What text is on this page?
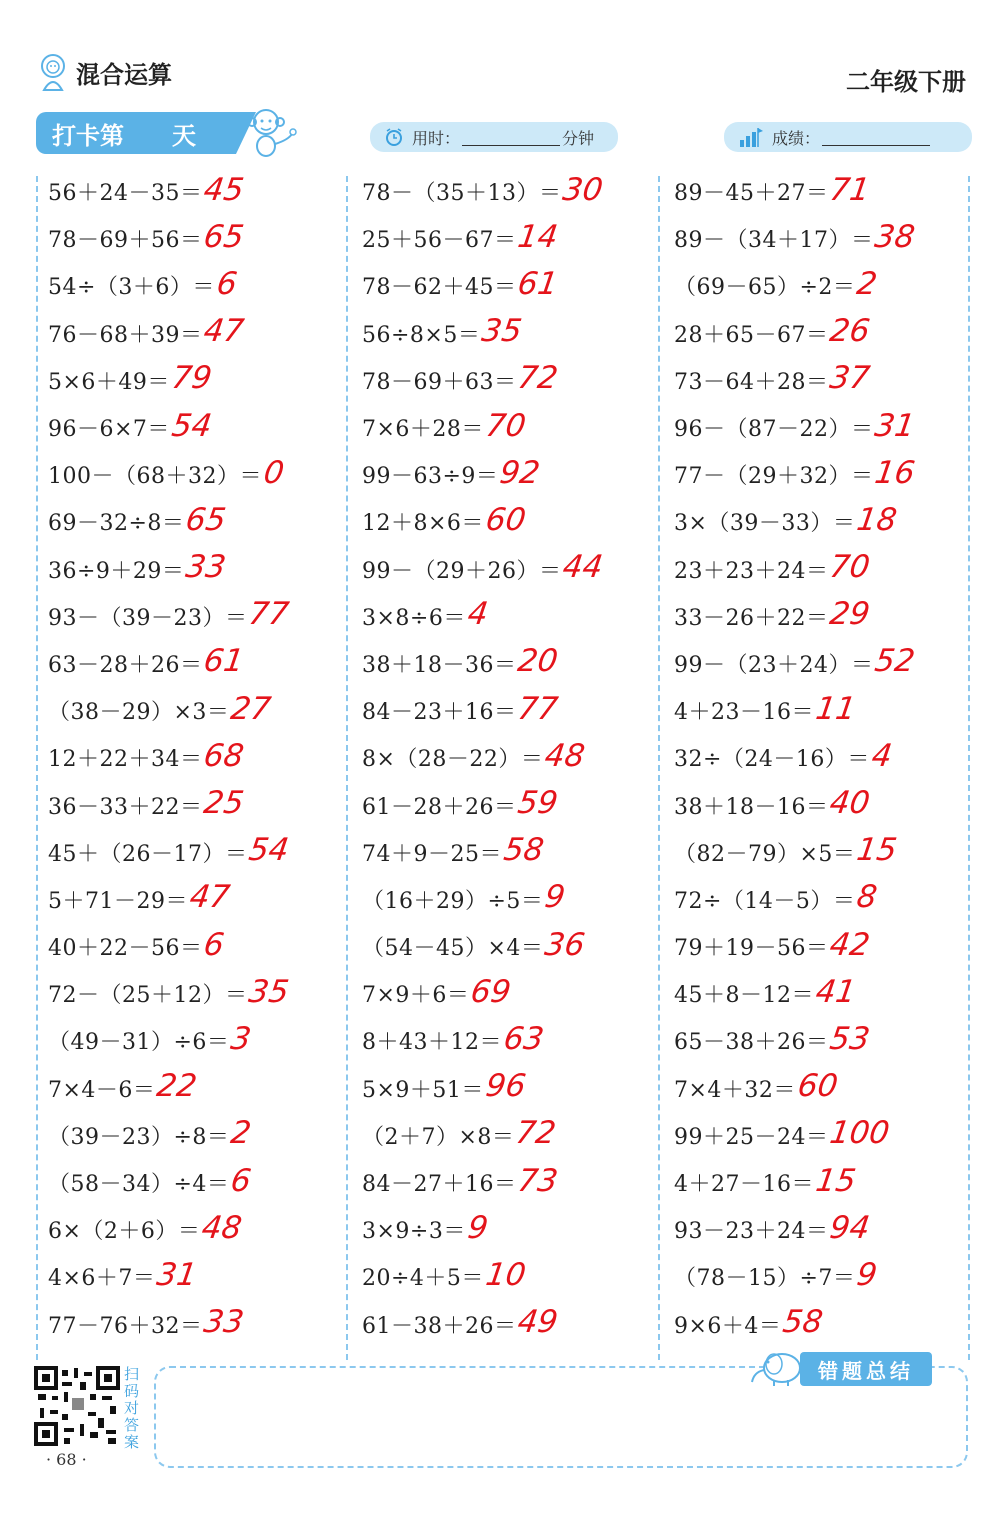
混合运算	二年级下册
打卡第 天	用时：	分钟	成绩：
56＋24－35＝ 45
78－69＋56＝ 65
54÷（3＋6）＝ 6
76－68＋39＝ 47
5×6＋49＝ 79
96－6×7＝ 54
100－（68＋32）＝ 0
69－32÷8＝ 65
36÷9＋29＝ 33
93－（39－23）＝ 77
63－28＋26＝ 61
（38－29）×3＝ 27
12＋22＋34＝ 68
36－33＋22＝ 25
45＋（26－17）＝ 54
5＋71－29＝ 47
40＋22－56＝ 6
72－（25＋12）＝ 35
（49－31）÷6＝ 3
7×4－6＝ 22
（39－23）÷8＝ 2
（58－34）÷4＝ 6
6×（2＋6）＝ 48
4×6＋7＝ 31
77－76＋32＝ 33
78－（35＋13）＝ 30
25＋56－67＝ 14
78－62＋45＝ 61
56÷8×5＝ 35
78－69＋63＝ 72
7×6＋28＝ 70
99－63÷9＝ 92
12＋8×6＝ 60
99－（29＋26）＝ 44
3×8÷6＝ 4
38＋18－36＝ 20
84－23＋16＝ 77
8×（28－22）＝ 48
61－28＋26＝ 59
74＋9－25＝ 58
（16＋29）÷5＝ 9
（54－45）×4＝ 36
7×9＋6＝ 69
8＋43＋12＝ 63
5×9＋51＝ 96
（2＋7）×8＝ 72
84－27＋16＝ 73
3×9÷3＝ 9
20÷4＋5＝ 10
61－38＋26＝ 49
89－45＋27＝ 71
89－（34＋17）＝ 38
（69－65）÷2＝ 2
28＋65－67＝ 26
73－64＋28＝ 37
96－（87－22）＝ 31
77－（29＋32）＝ 16
3×（39－33）＝ 18
23＋23＋24＝ 70
33－26＋22＝ 29
99－（23＋24）＝ 52
4＋23－16＝ 11
32÷（24－16）＝ 4
38＋18－16＝ 40
（82－79）×5＝ 15
72÷（14－5）＝ 8
79＋19－56＝ 42
45＋8－12＝ 41
65－38＋26＝ 53
7×4＋32＝ 60
99＋25－24＝ 100
4＋27－16＝ 15
93－23＋24＝ 94
（78－15）÷7＝ 9
9×6＋4＝ 58
扫码对答案
· 68 ·
错题总结
